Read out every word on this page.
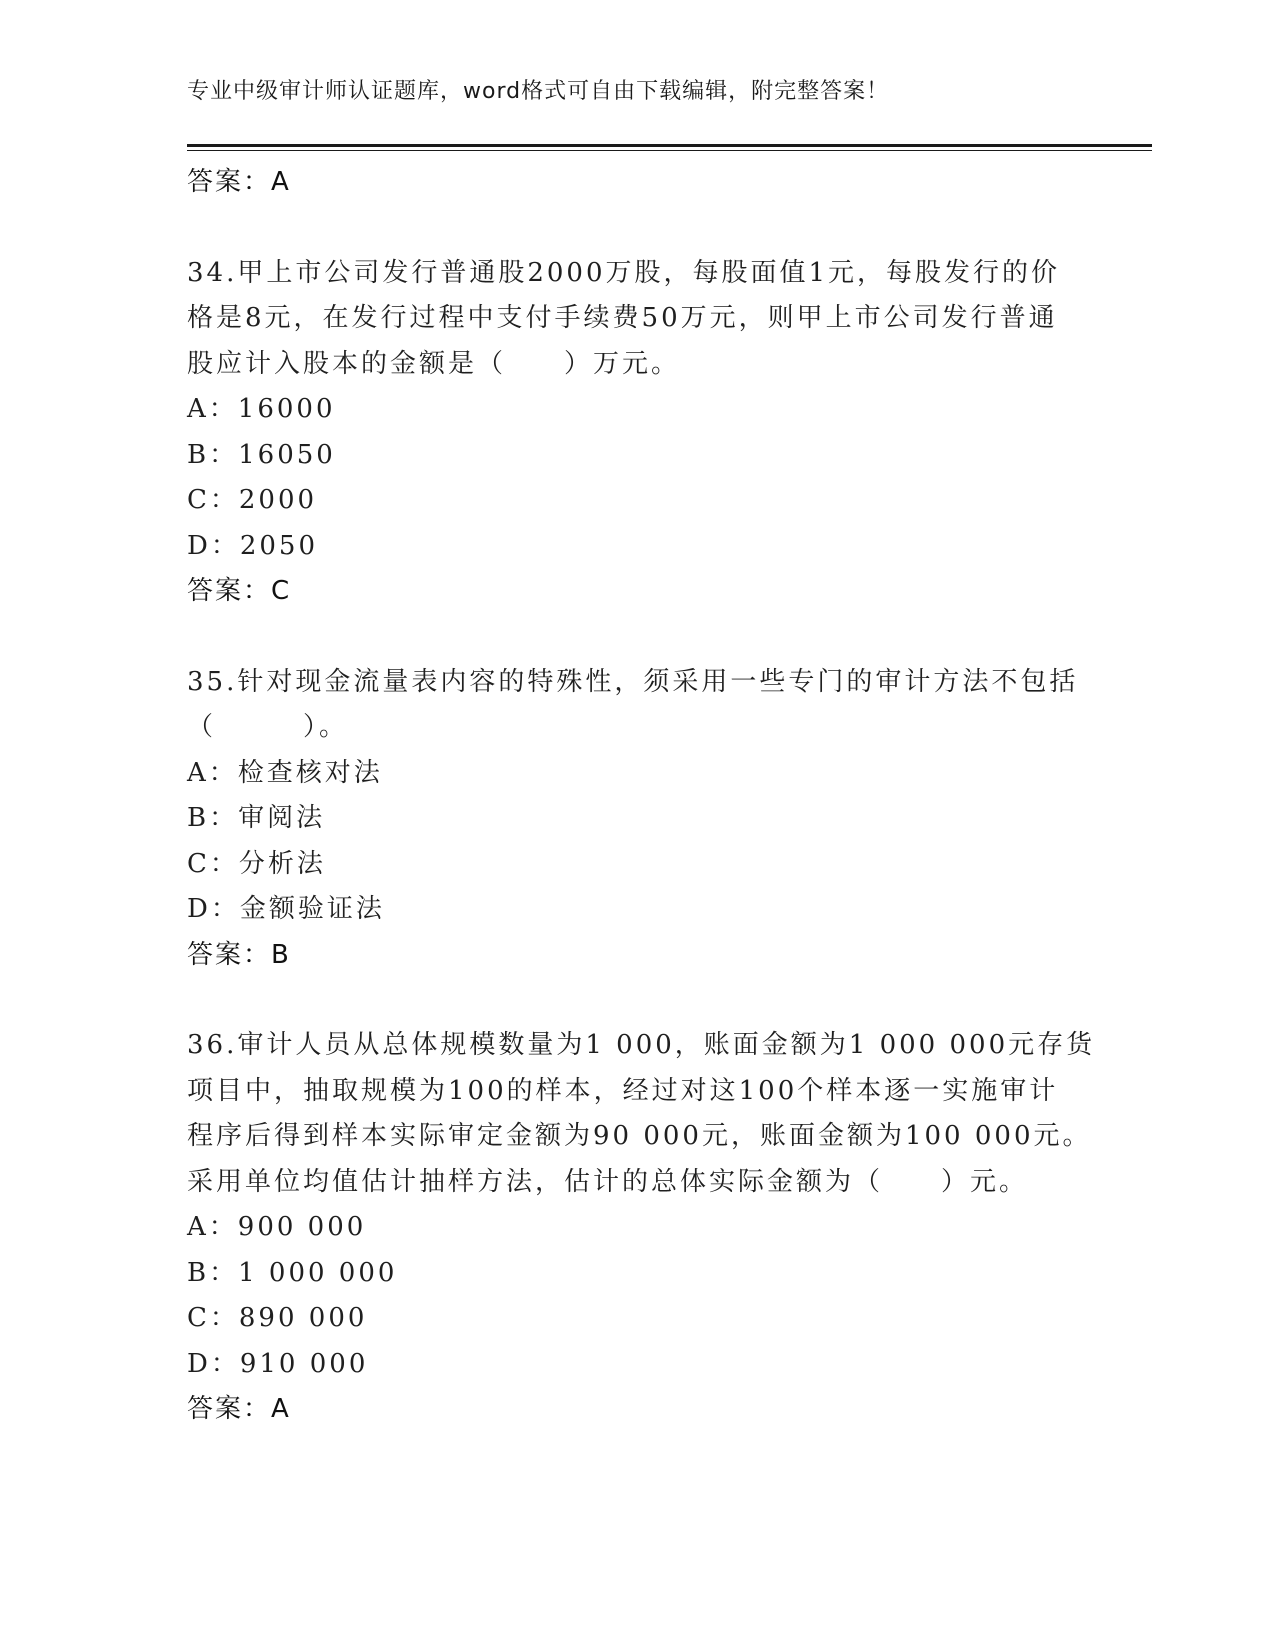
专业中级审计师认证题库，word格式可自由下载编辑，附完整答案！
答案：A
34.甲上市公司发行普通股2000万股，每股面值1元，每股发行的价
格是8元，在发行过程中支付手续费50万元，则甲上市公司发行普通
股应计入股本的金额是（　　）万元。
A：16000
B：16050
C：2000
D：2050
答案：C
35.针对现金流量表内容的特殊性，须采用一些专门的审计方法不包括
（　　　）。
A：检查核对法
B：审阅法
C：分析法
D：金额验证法
答案：B
36.审计人员从总体规模数量为1 000，账面金额为1 000 000元存货
项目中，抽取规模为100的样本，经过对这100个样本逐一实施审计
程序后得到样本实际审定金额为90 000元，账面金额为100 000元。
采用单位均值估计抽样方法，估计的总体实际金额为（　　）元。
A：900 000
B：1 000 000
C：890 000
D：910 000
答案：A
